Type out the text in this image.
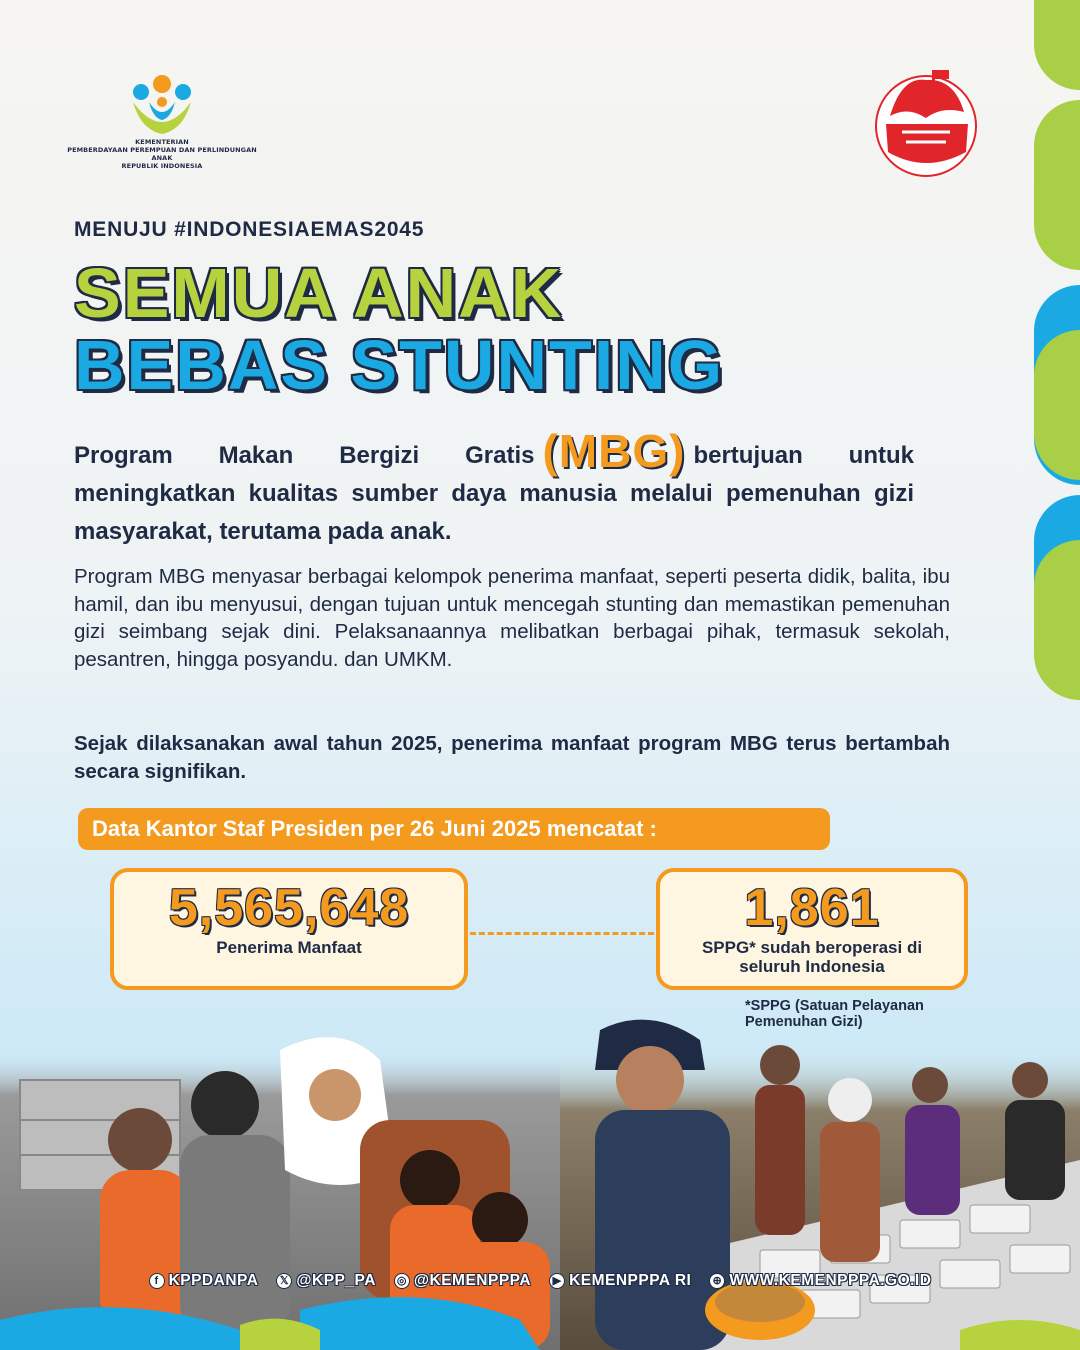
KEMENTERIAN
PEMBERDAYAAN PEREMPUAN DAN PERLINDUNGAN ANAK
REPUBLIK INDONESIA
MENUJU #INDONESIAEMAS2045
SEMUA ANAK
BEBAS STUNTING

Program Makan Bergizi Gratis (MBG) bertujuan untuk meningkatkan kualitas sumber daya manusia melalui pemenuhan gizi masyarakat, terutama pada anak.

Program MBG menyasar berbagai kelompok penerima manfaat, seperti peserta didik, balita, ibu hamil, dan ibu menyusui, dengan tujuan untuk mencegah stunting dan memastikan pemenuhan gizi seimbang sejak dini. Pelaksanaannya melibatkan berbagai pihak, termasuk sekolah, pesantren, hingga posyandu. dan UMKM.

Sejak dilaksanakan awal tahun 2025, penerima manfaat program MBG terus bertambah secara signifikan.

Data Kantor Staf Presiden per 26 Juni 2025 mencatat :
5,565,648
Penerima Manfaat
1,861
SPPG* sudah beroperasi di seluruh Indonesia
*SPPG (Satuan Pelayanan Pemenuhan Gizi)
f KPPDANPA	𝕏 @KPP_PA ◎ @KEMENPPPA	▶ KEMENPPPA RI ⊕ WWW.KEMENPPPA.GO.ID
